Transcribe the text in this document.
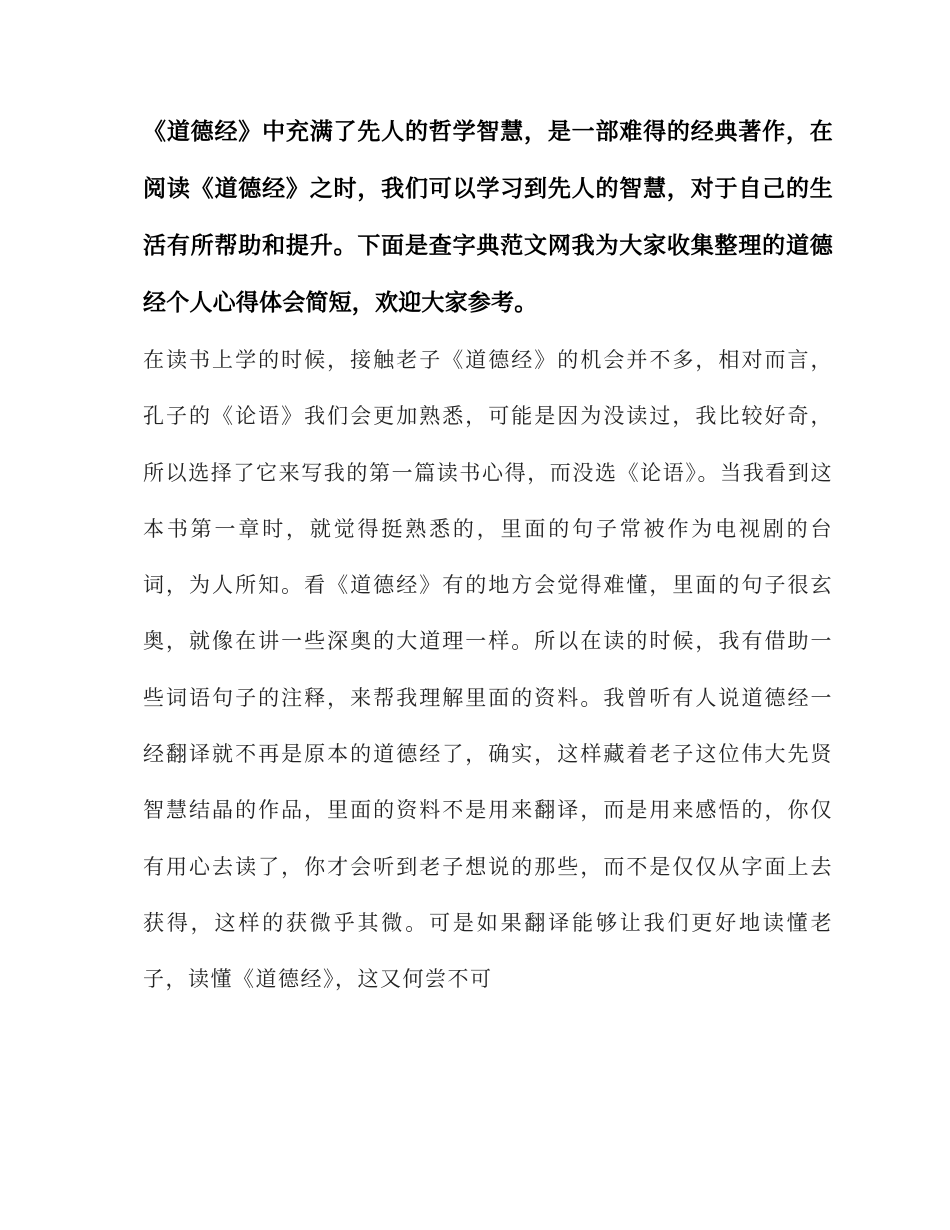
《道德经》中充满了先人的哲学智慧，是一部难得的经典著作，在阅读《道德经》之时，我们可以学习到先人的智慧，对于自己的生活有所帮助和提升。下面是查字典范文网我为大家收集整理的道德经个人心得体会简短，欢迎大家参考。

在读书上学的时候，接触老子《道德经》的机会并不多，相对而言，孔子的《论语》我们会更加熟悉，可能是因为没读过，我比较好奇，所以选择了它来写我的第一篇读书心得，而没选《论语》。当我看到这本书第一章时，就觉得挺熟悉的，里面的句子常被作为电视剧的台词，为人所知。看《道德经》有的地方会觉得难懂，里面的句子很玄奥，就像在讲一些深奥的大道理一样。所以在读的时候，我有借助一些词语句子的注释，来帮我理解里面的资料。我曾听有人说道德经一经翻译就不再是原本的道德经了，确实，这样藏着老子这位伟大先贤智慧结晶的作品，里面的资料不是用来翻译，而是用来感悟的，你仅有用心去读了，你才会听到老子想说的那些，而不是仅仅从字面上去获得，这样的获微乎其微。可是如果翻译能够让我们更好地读懂老子，读懂《道德经》，这又何尝不可
